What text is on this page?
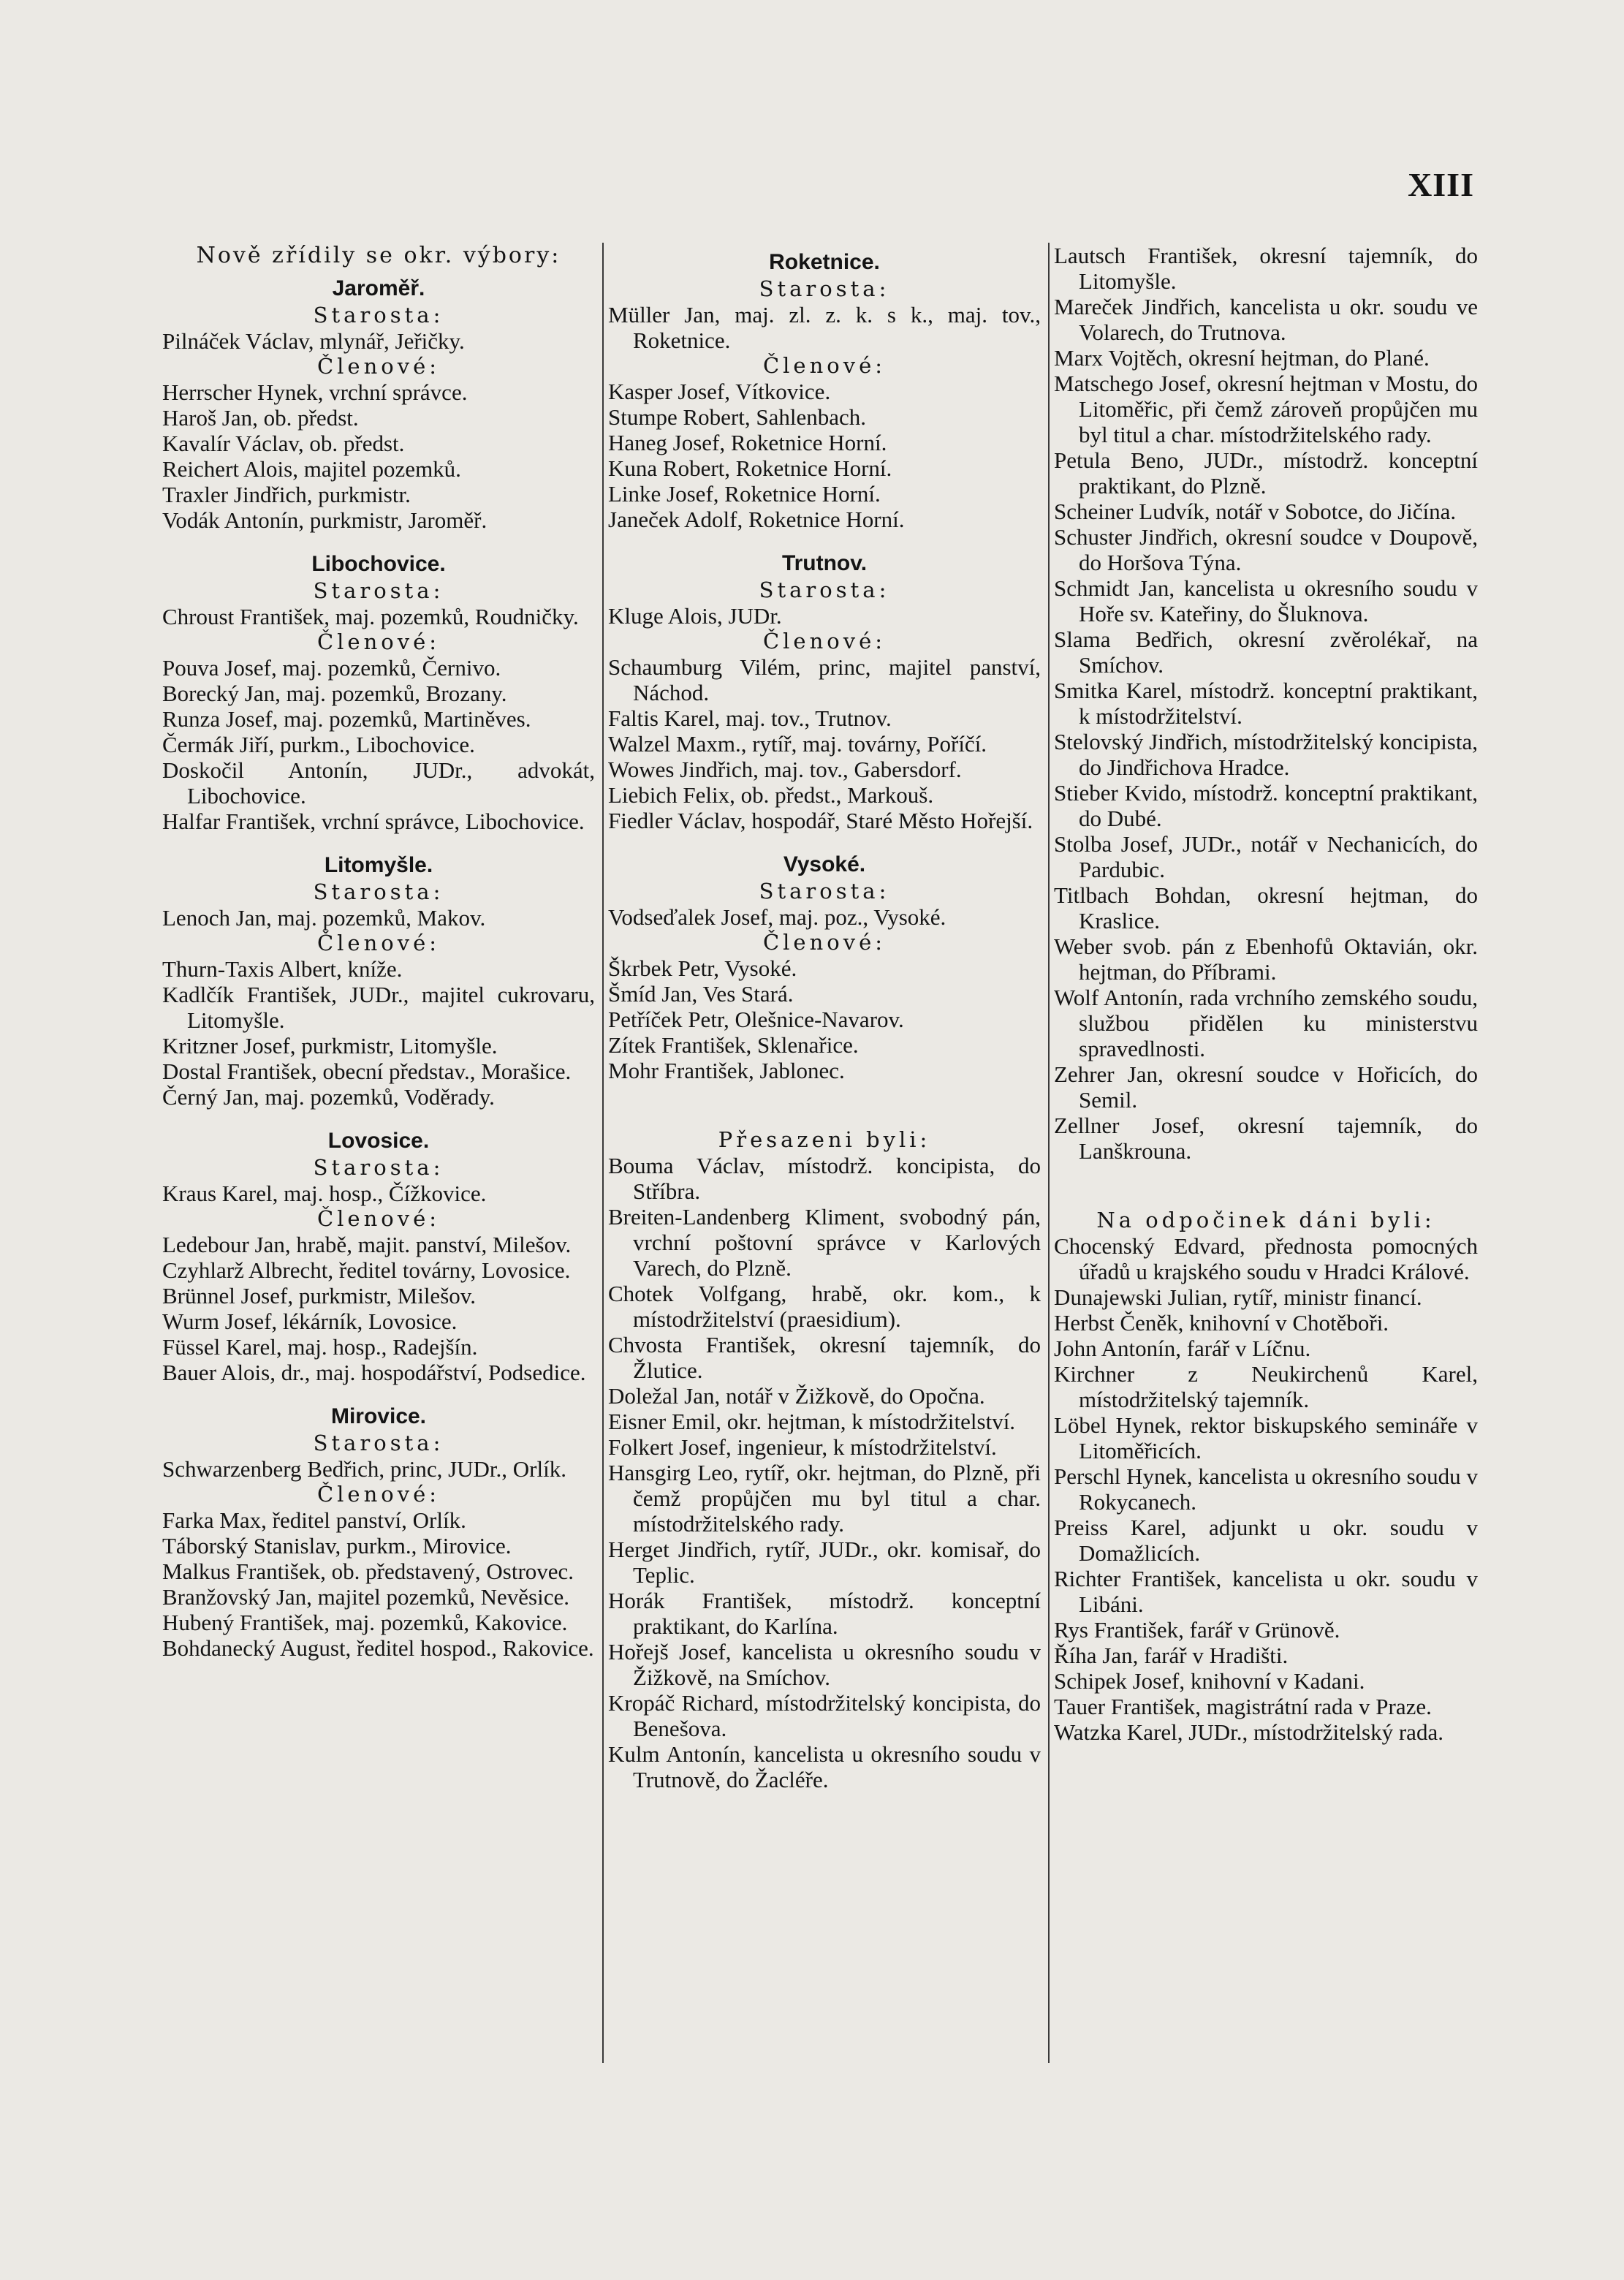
XIII
Nově zřídily se okr. výbory:
Jaroměř.
Starosta:
Pilnáček Václav, mlynář, Jeřičky.
Členové:
Herrscher Hynek, vrchní správce.
Haroš Jan, ob. předst.
Kavalír Václav, ob. předst.
Reichert Alois, majitel pozemků.
Traxler Jindřich, purkmistr.
Vodák Antonín, purkmistr, Jaroměř.
Libochovice.
Starosta:
Chroust František, maj. pozemků, Roudničky.
Členové:
Pouva Josef, maj. pozemků, Černivo.
Borecký Jan, maj. pozemků, Brozany.
Runza Josef, maj. pozemků, Martiněves.
Čermák Jiří, purkm., Libochovice.
Doskočil Antonín, JUDr., advokát, Libochovice.
Halfar František, vrchní správce, Libochovice.
Litomyšle.
Starosta:
Lenoch Jan, maj. pozemků, Makov.
Členové:
Thurn-Taxis Albert, kníže.
Kadlčík František, JUDr., majitel cukrovaru, Litomyšle.
Kritzner Josef, purkmistr, Litomyšle.
Dostal František, obecní představ., Morašice.
Černý Jan, maj. pozemků, Voděrady.
Lovosice.
Starosta:
Kraus Karel, maj. hosp., Čížkovice.
Členové:
Ledebour Jan, hrabě, majit. panství, Milešov.
Czyhlarž Albrecht, ředitel továrny, Lovosice.
Brünnel Josef, purkmistr, Milešov.
Wurm Josef, lékárník, Lovosice.
Füssel Karel, maj. hosp., Radejšín.
Bauer Alois, dr., maj. hospodářství, Podsedice.
Mirovice.
Starosta:
Schwarzenberg Bedřich, princ, JUDr., Orlík.
Členové:
Farka Max, ředitel panství, Orlík.
Táborský Stanislav, purkm., Mirovice.
Malkus František, ob. představený, Ostrovec.
Branžovský Jan, majitel pozemků, Nevěsice.
Hubený František, maj. pozemků, Kakovice.
Bohdanecký August, ředitel hospod., Rakovice.
Roketnice.
Starosta:
Müller Jan, maj. zl. z. k. s k., maj. tov., Roketnice.
Členové:
Kasper Josef, Vítkovice.
Stumpe Robert, Sahlenbach.
Haneg Josef, Roketnice Horní.
Kuna Robert, Roketnice Horní.
Linke Josef, Roketnice Horní.
Janeček Adolf, Roketnice Horní.
Trutnov.
Starosta:
Kluge Alois, JUDr.
Členové:
Schaumburg Vilém, princ, majitel panství, Náchod.
Faltis Karel, maj. tov., Trutnov.
Walzel Maxm., rytíř, maj. továrny, Poříčí.
Wowes Jindřich, maj. tov., Gabersdorf.
Liebich Felix, ob. předst., Markouš.
Fiedler Václav, hospodář, Staré Město Hořejší.
Vysoké.
Starosta:
Vodseďalek Josef, maj. poz., Vysoké.
Členové:
Škrbek Petr, Vysoké.
Šmíd Jan, Ves Stará.
Petříček Petr, Olešnice-Navarov.
Zítek František, Sklenařice.
Mohr František, Jablonec.
Přesazeni byli:
Bouma Václav, místodrž. koncipista, do Stříbra.
Breiten-Landenberg Kliment, svobodný pán, vrchní poštovní správce v Karlových Varech, do Plzně.
Chotek Volfgang, hrabě, okr. kom., k místodržitelství (praesidium).
Chvosta František, okresní tajemník, do Žlutice.
Doležal Jan, notář v Žižkově, do Opočna.
Eisner Emil, okr. hejtman, k místodržitelství.
Folkert Josef, ingenieur, k místodržitelství.
Hansgirg Leo, rytíř, okr. hejtman, do Plzně, při čemž propůjčen mu byl titul a char. místodržitelského rady.
Herget Jindřich, rytíř, JUDr., okr. komisař, do Teplic.
Horák František, místodrž. konceptní praktikant, do Karlína.
Hořejš Josef, kancelista u okresního soudu v Žižkově, na Smíchov.
Kropáč Richard, místodržitelský koncipista, do Benešova.
Kulm Antonín, kancelista u okresního soudu v Trutnově, do Žacléře.
Lautsch František, okresní tajemník, do Litomyšle.
Mareček Jindřich, kancelista u okr. soudu ve Volarech, do Trutnova.
Marx Vojtěch, okresní hejtman, do Plané.
Matschego Josef, okresní hejtman v Mostu, do Litoměřic, při čemž zároveň propůjčen mu byl titul a char. místodržitelského rady.
Petula Beno, JUDr., místodrž. konceptní praktikant, do Plzně.
Scheiner Ludvík, notář v Sobotce, do Jičína.
Schuster Jindřich, okresní soudce v Doupově, do Horšova Týna.
Schmidt Jan, kancelista u okresního soudu v Hoře sv. Kateřiny, do Šluknova.
Slama Bedřich, okresní zvěrolékař, na Smíchov.
Smitka Karel, místodrž. konceptní praktikant, k místodržitelství.
Stelovský Jindřich, místodržitelský koncipista, do Jindřichova Hradce.
Stieber Kvido, místodrž. konceptní praktikant, do Dubé.
Stolba Josef, JUDr., notář v Nechanicích, do Pardubic.
Titlbach Bohdan, okresní hejtman, do Kraslice.
Weber svob. pán z Ebenhofů Oktavián, okr. hejtman, do Příbrami.
Wolf Antonín, rada vrchního zemského soudu, službou přidělen ku ministerstvu spravedlnosti.
Zehrer Jan, okresní soudce v Hořicích, do Semil.
Zellner Josef, okresní tajemník, do Lanškrouna.
Na odpočinek dáni byli:
Chocenský Edvard, přednosta pomocných úřadů u krajského soudu v Hradci Králové.
Dunajewski Julian, rytíř, ministr financí.
Herbst Čeněk, knihovní v Chotěboři.
John Antonín, farář v Líčnu.
Kirchner z Neukirchenů Karel, místodržitelský tajemník.
Löbel Hynek, rektor biskupského semináře v Litoměřicích.
Perschl Hynek, kancelista u okresního soudu v Rokycanech.
Preiss Karel, adjunkt u okr. soudu v Domažlicích.
Richter František, kancelista u okr. soudu v Libáni.
Rys František, farář v Grünově.
Říha Jan, farář v Hradišti.
Schipek Josef, knihovní v Kadani.
Tauer František, magistrátní rada v Praze.
Watzka Karel, JUDr., místodržitelský rada.
